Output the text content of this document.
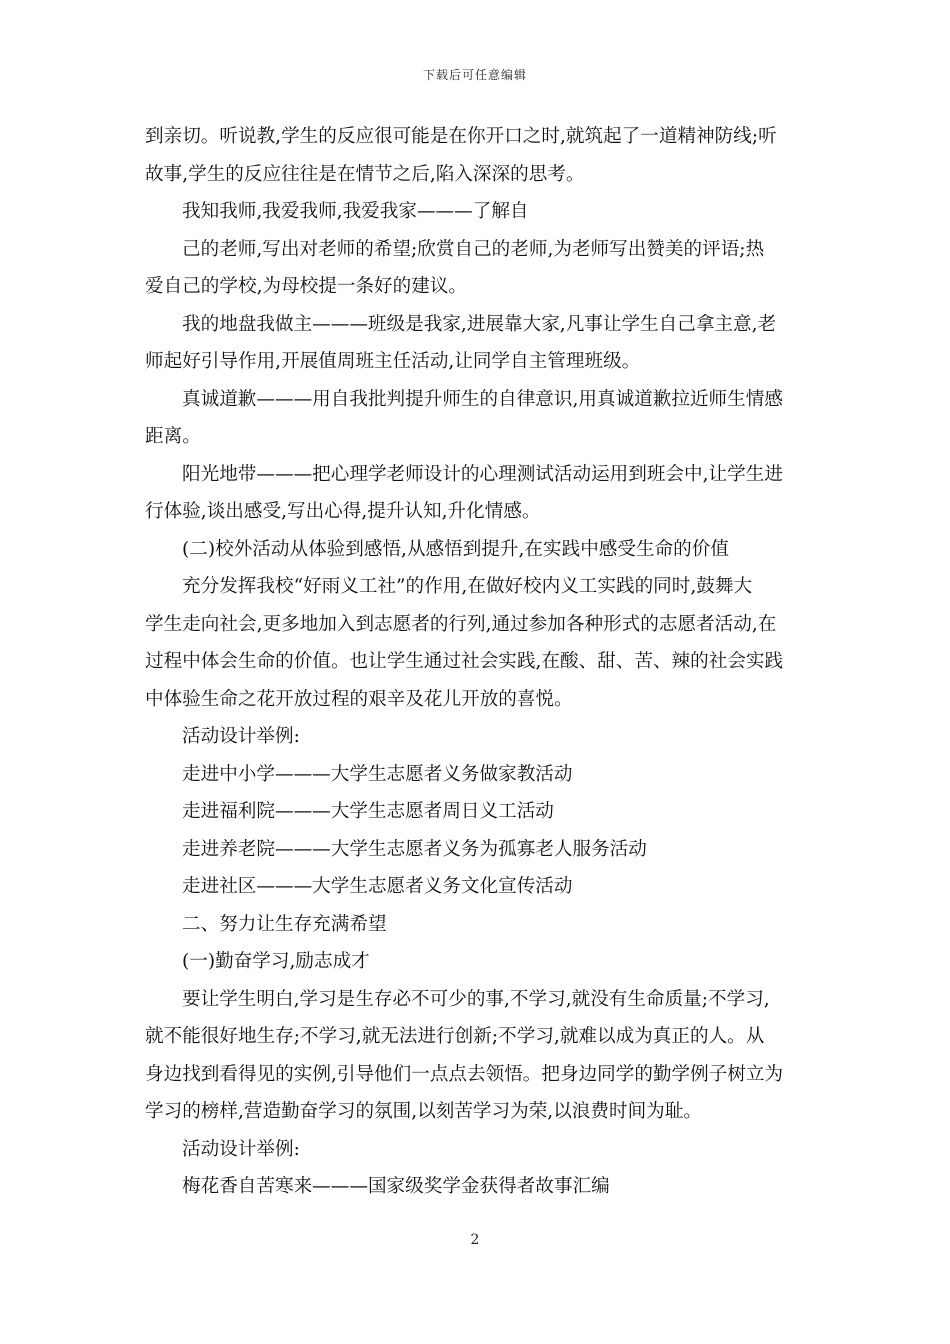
下载后可任意编辑
到亲切。听说教,学生的反应很可能是在你开口之时,就筑起了一道精神防线;听
故事,学生的反应往往是在情节之后,陷入深深的思考。
我知我师,我爱我师,我爱我家———了解自
己的老师,写出对老师的希望;欣赏自己的老师,为老师写出赞美的评语;热
爱自己的学校,为母校提一条好的建议。
我的地盘我做主———班级是我家,进展靠大家,凡事让学生自己拿主意,老
师起好引导作用,开展值周班主任活动,让同学自主管理班级。
真诚道歉———用自我批判提升师生的自律意识,用真诚道歉拉近师生情感
距离。
阳光地带———把心理学老师设计的心理测试活动运用到班会中,让学生进
行体验,谈出感受,写出心得,提升认知,升化情感。
(二)校外活动从体验到感悟,从感悟到提升,在实践中感受生命的价值
充分发挥我校“好雨义工社”的作用,在做好校内义工实践的同时,鼓舞大
学生走向社会,更多地加入到志愿者的行列,通过参加各种形式的志愿者活动,在
过程中体会生命的价值。也让学生通过社会实践,在酸、甜、苦、辣的社会实践
中体验生命之花开放过程的艰辛及花儿开放的喜悦。
活动设计举例:
走进中小学———大学生志愿者义务做家教活动
走进福利院———大学生志愿者周日义工活动
走进养老院———大学生志愿者义务为孤寡老人服务活动
走进社区———大学生志愿者义务文化宣传活动
二、努力让生存充满希望
(一)勤奋学习,励志成才
要让学生明白,学习是生存必不可少的事,不学习,就没有生命质量;不学习,
就不能很好地生存;不学习,就无法进行创新;不学习,就难以成为真正的人。从
身边找到看得见的实例,引导他们一点点去领悟。把身边同学的勤学例子树立为
学习的榜样,营造勤奋学习的氛围,以刻苦学习为荣,以浪费时间为耻。
活动设计举例:
梅花香自苦寒来———国家级奖学金获得者故事汇编
2
